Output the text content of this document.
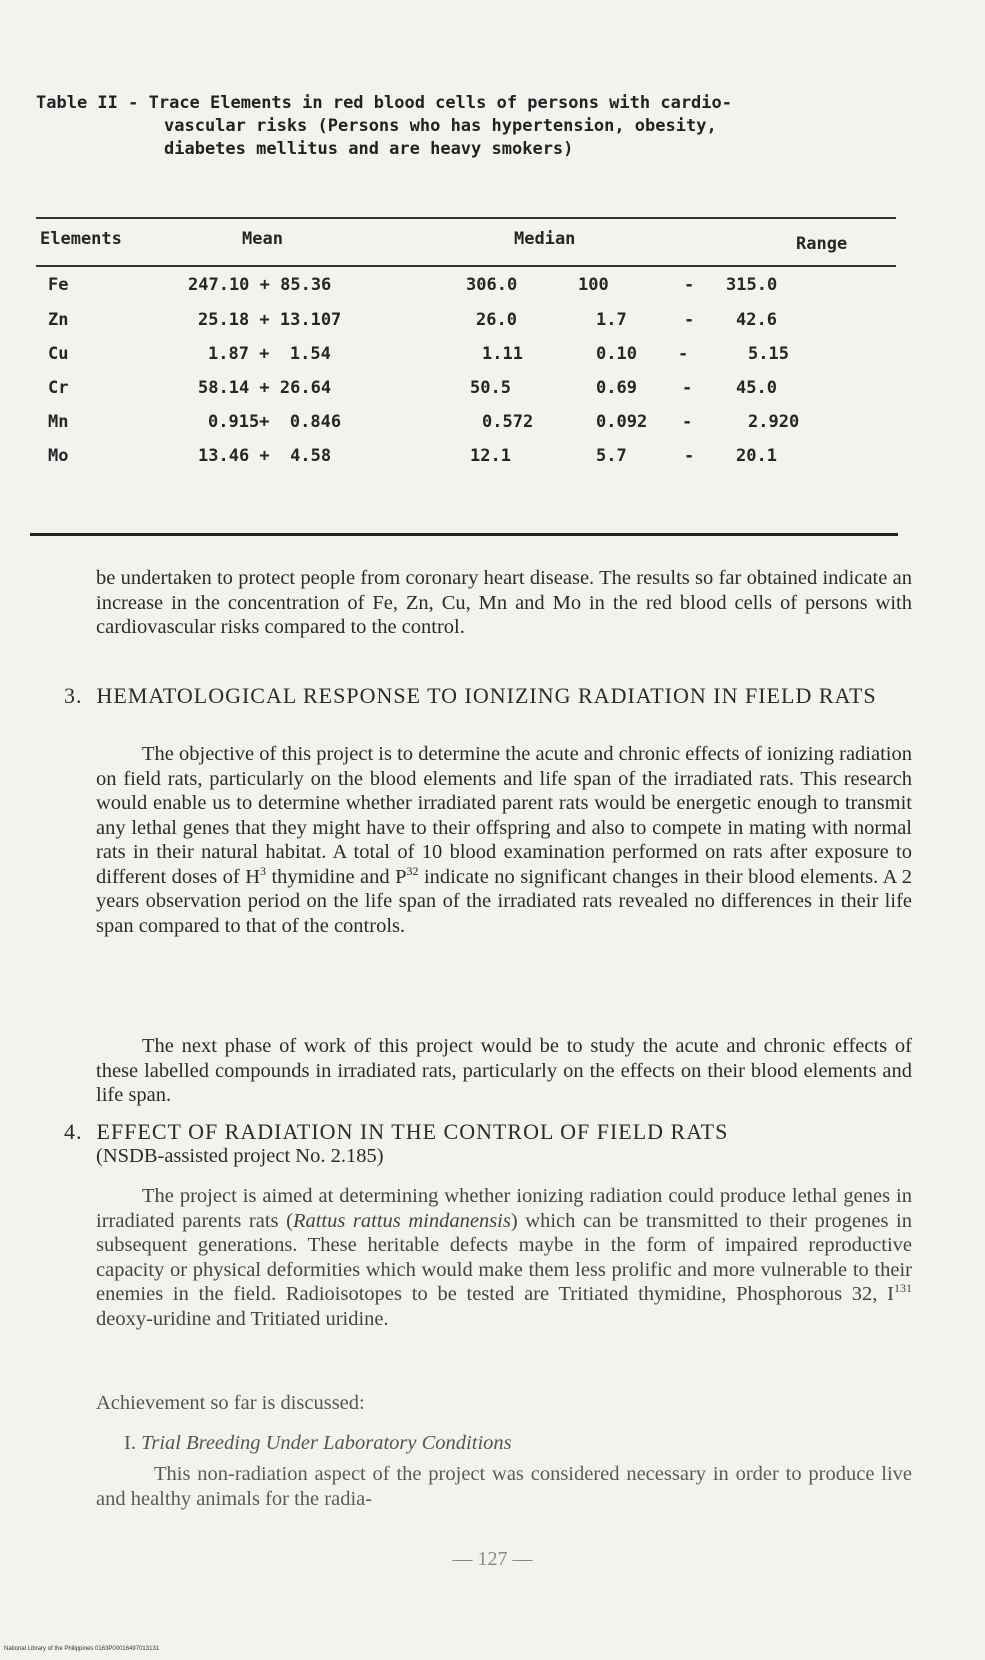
Table II - Trace Elements in red blood cells of persons with cardio-
vascular risks (Persons who has hypertension, obesity,
diabetes mellitus and are heavy smokers)
Elements	Mean	Median	Range
Fe	247.10 + 85.36	306.0	100	- 315.0
Zn	25.18 + 13.107	26.0	1.7	- 42.6
Cu	1.87 +  1.54	1.11	0.10 -	5.15
Cr	58.14 + 26.64	50.5	0.69	-	45.0
Mn	0.915+  0.846	0.572	0.092 -	2.920
Mo	13.46 +  4.58	12.1	5.7	- 20.1

be undertaken to protect people from coronary heart disease. The results so far obtained indicate an increase in the concentration of Fe, Zn, Cu, Mn and Mo in the red blood cells of persons with cardiovascular risks compared to the control.

3. HEMATOLOGICAL RESPONSE TO IONIZING RADIATION IN FIELD RATS

The objective of this project is to determine the acute and chronic effects of ionizing radiation on field rats, particularly on the blood elements and life span of the irradiated rats. This research would enable us to determine whether irradiated parent rats would be energetic enough to transmit any lethal genes that they might have to their offspring and also to compete in mating with normal rats in their natural habitat. A total of 10 blood examination performed on rats after exposure to different doses of $H^3$ thymidine and $P^{32}$ indicate no significant changes in their blood elements. A 2 years observation period on the life span of the irradiated rats revealed no differences in their life span compared to that of the controls.

The next phase of work of this project would be to study the acute and chronic effects of these labelled compounds in irradiated rats, particularly on the effects on their blood elements and life span.

4. EFFECT OF RADIATION IN THE CONTROL OF FIELD RATS
(NSDB-assisted project No. 2.185)

The project is aimed at determining whether ionizing radiation could produce lethal genes in irradiated parents rats (Rattus rattus mindanensis) which can be transmitted to their progenes in subsequent generations. These heritable defects maybe in the form of impaired reproductive capacity or physical deformities which would make them less prolific and more vulnerable to their enemies in the field. Radioisotopes to be tested are Tritiated thymidine, Phosphorous 32, $I^{131}$ deoxy-uridine and Tritiated uridine.

Achievement so far is discussed:
I. Trial Breeding Under Laboratory Conditions

This non-radiation aspect of the project was considered necessary in order to produce live and healthy animals for the radia-

— 127 —
National Library of the Philippines 0163P00016497013131
